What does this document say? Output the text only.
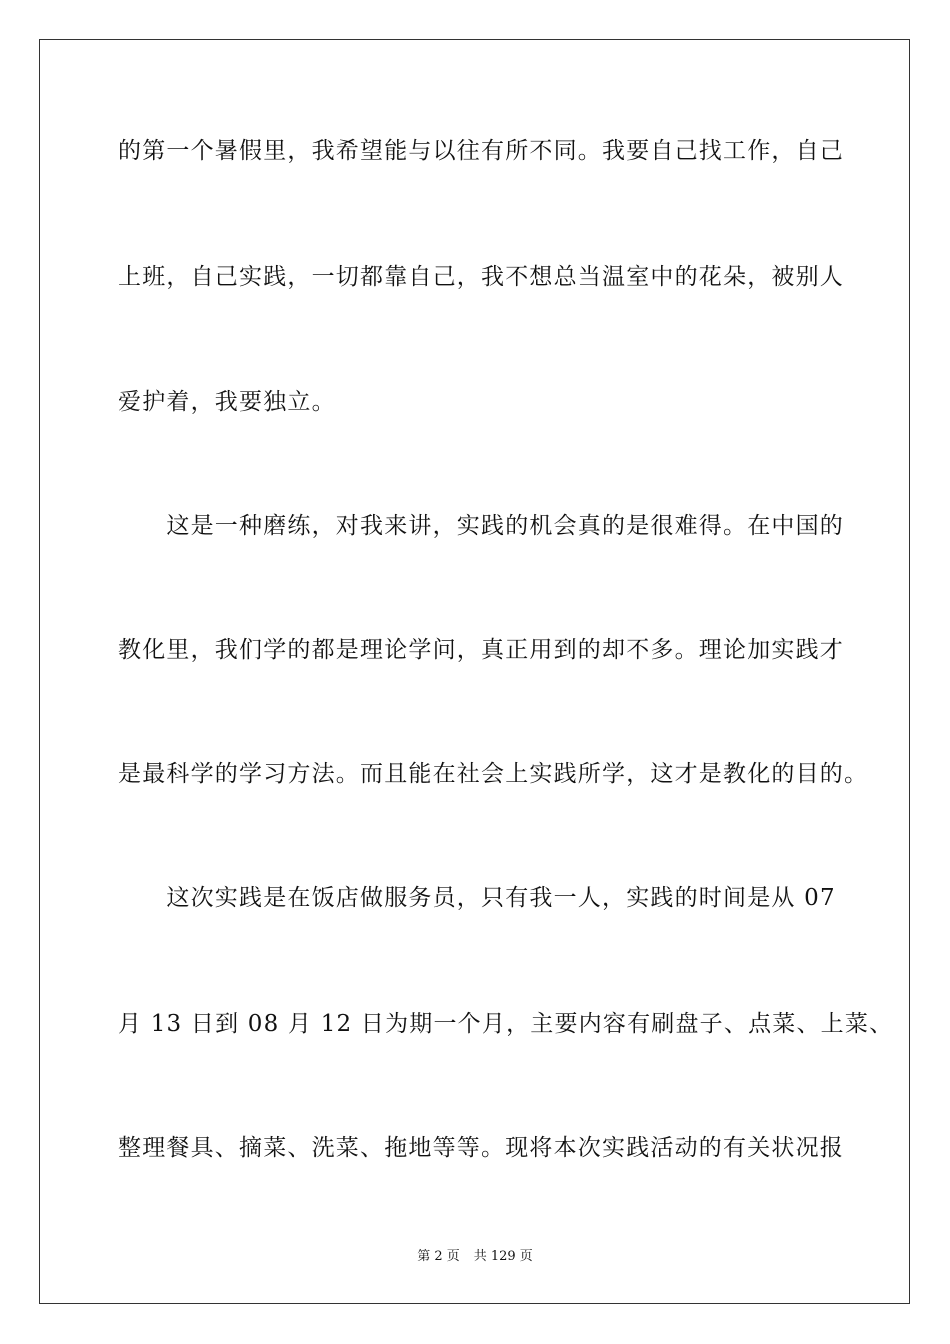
的第一个暑假里，我希望能与以往有所不同。我要自己找工作，自己
上班，自己实践，一切都靠自己，我不想总当温室中的花朵，被别人
爱护着，我要独立。
　　这是一种磨练，对我来讲，实践的机会真的是很难得。在中国的
教化里，我们学的都是理论学问，真正用到的却不多。理论加实践才
是最科学的学习方法。而且能在社会上实践所学，这才是教化的目的。
　　这次实践是在饭店做服务员，只有我一人，实践的时间是从 07
月 13 日到 08 月 12 日为期一个月，主要内容有刷盘子、点菜、上菜、
整理餐具、摘菜、洗菜、拖地等等。现将本次实践活动的有关状况报
第 2 页 共 129 页
